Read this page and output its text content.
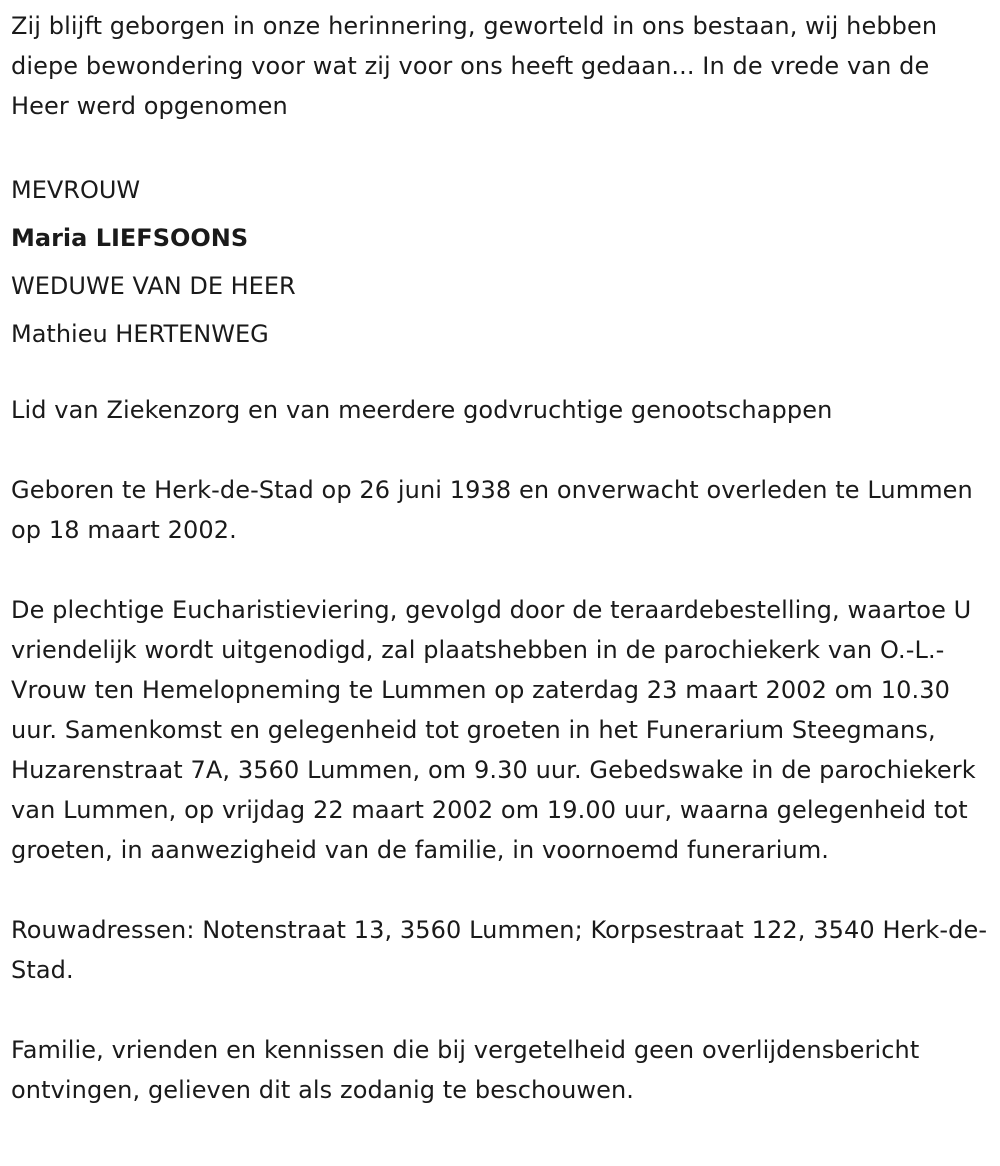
Zij blijft geborgen in onze herinnering, geworteld in ons bestaan, wij hebben diepe bewondering voor wat zij voor ons heeft gedaan... In de vrede van de Heer werd opgenomen

MEVROUW

Maria LIEFSOONS

WEDUWE VAN DE HEER

Mathieu HERTENWEG

Lid van Ziekenzorg en van meerdere godvruchtige genootschappen

Geboren te Herk-de-Stad op 26 juni 1938 en onverwacht overleden te Lummen op 18 maart 2002.

De plechtige Eucharistieviering, gevolgd door de teraardebestelling, waartoe U vriendelijk wordt uitgenodigd, zal plaatshebben in de parochiekerk van O.-L.-Vrouw ten Hemelopneming te Lummen op zaterdag 23 maart 2002 om 10.30 uur. Samenkomst en gelegenheid tot groeten in het Funerarium Steegmans, Huzarenstraat 7A, 3560 Lummen, om 9.30 uur. Gebedswake in de parochiekerk van Lummen, op vrijdag 22 maart 2002 om 19.00 uur, waarna gelegenheid tot groeten, in aanwezigheid van de familie, in voornoemd funerarium.

Rouwadressen: Notenstraat 13, 3560 Lummen; Korpsestraat 122, 3540 Herk-de-Stad.

Familie, vrienden en kennissen die bij vergetelheid geen overlijdensbericht ontvingen, gelieven dit als zodanig te beschouwen.
